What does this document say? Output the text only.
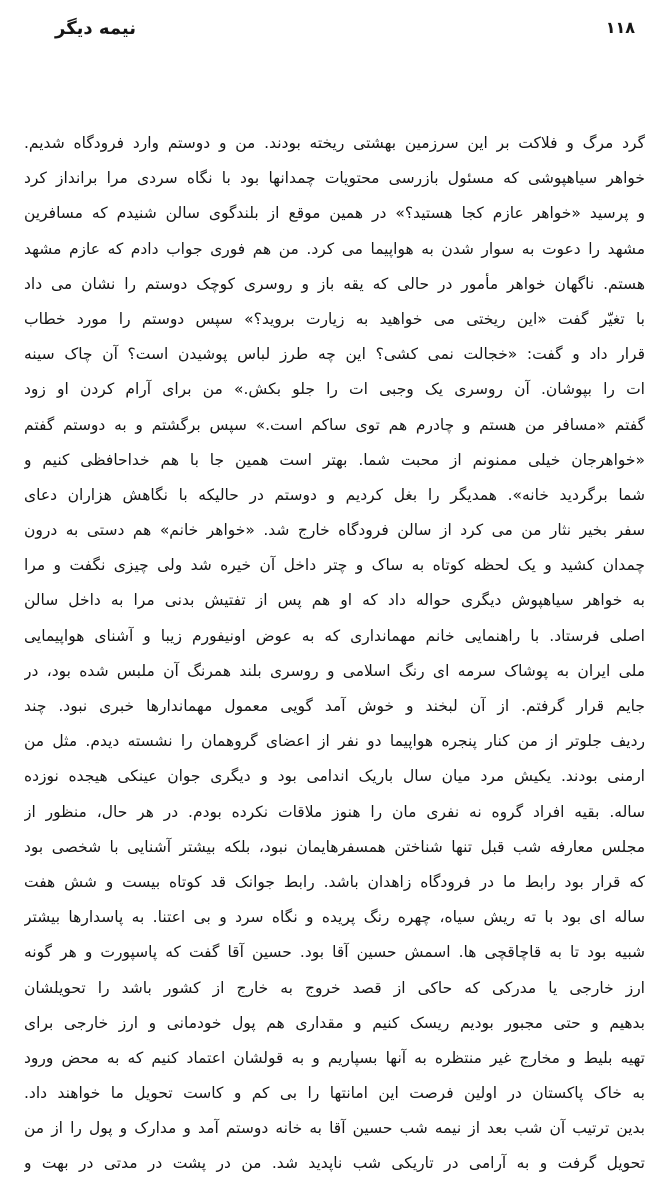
نیمه دیگر	۱۱۸
گرد مرگ و فلاکت بر این سرزمین بهشتی ریخته بودند. من و دوستم وارد فرودگاه شدیم.
خواهر سیاهپوشی که مسئول بازرسی محتویات چمدانها بود با نگاه سردی مرا برانداز کرد
و پرسید «خواهر عازم کجا هستید؟» در همین موقع از بلندگوی سالن شنیدم که مسافرین
مشهد را دعوت به سوار شدن به هواپیما می کرد. من هم فوری جواب دادم که عازم مشهد
هستم. ناگهان خواهر مأمور در حالی که یقه باز و روسری کوچک دوستم را نشان می داد
با تغیّر گفت «این ریختی می خواهید به زیارت بروید؟» سپس دوستم را مورد خطاب
قرار داد و گفت: «خجالت نمی کشی؟ این چه طرز لباس پوشیدن است؟ آن چاک سینه
ات را بپوشان. آن روسری یک وجبی ات را جلو بکش.» من برای آرام کردن او زود
گفتم «مسافر من هستم و چادرم هم توی ساکم است.» سپس برگشتم و به دوستم گفتم
«خواهرجان خیلی ممنونم از محبت شما. بهتر است همین جا با هم خداحافظی کنیم و
شما برگردید خانه». همدیگر را بغل کردیم و دوستم در حالیکه با نگاهش هزاران دعای
سفر بخیر نثار من می کرد از سالن فرودگاه خارج شد. «خواهر خانم» هم دستی به درون
چمدان کشید و یک لحظه کوتاه به ساک و چتر داخل آن خیره شد ولی چیزی نگفت و مرا
به خواهر سیاهپوش دیگری حواله داد که او هم پس از تفتیش بدنی مرا به داخل سالن
اصلی فرستاد. با راهنمایی خانم مهمانداری که به عوض اونیفورم زیبا و آشنای هواپیمایی
ملی ایران به پوشاک سرمه ای رنگ اسلامی و روسری بلند همرنگ آن ملبس شده بود، در
جایم قرار گرفتم. از آن لبخند و خوش آمد گویی معمول مهماندارها خبری نبود. چند
ردیف جلوتر از من کنار پنجره هواپیما دو نفر از اعضای گروهمان را نشسته دیدم. مثل من
ارمنی بودند. یکیش مرد میان سال باریک اندامی بود و دیگری جوان عینکی هیجده نوزده
ساله. بقیه افراد گروه نه نفری مان را هنوز ملاقات نکرده بودم. در هر حال، منظور از
مجلس معارفه شب قبل تنها شناختن همسفرهایمان نبود، بلکه بیشتر آشنایی با شخصی بود
که قرار بود رابط ما در فرودگاه زاهدان باشد. رابط جوانک قد کوتاه بیست و شش هفت
ساله ای بود با ته ریش سیاه، چهره رنگ پریده و نگاه سرد و بی اعتنا. به پاسدارها بیشتر
شبیه بود تا به قاچاقچی ها. اسمش حسین آقا بود. حسین آقا گفت که پاسپورت و هر گونه
ارز خارجی یا مدرکی که حاکی از قصد خروج به خارج از کشور باشد را تحویلشان
بدهیم و حتی مجبور بودیم ریسک کنیم و مقداری هم پول خودمانی و ارز خارجی برای
تهیه بلیط و مخارج غیر منتظره به آنها بسپاریم و به قولشان اعتماد کنیم که به محض ورود
به خاک پاکستان در اولین فرصت این امانتها را بی کم و کاست تحویل ما خواهند داد.
بدین ترتیب آن شب بعد از نیمه شب حسین آقا به خانه دوستم آمد و مدارک و پول را از من
تحویل گرفت و به آرامی در تاریکی شب ناپدید شد. من در پشت در مدتی در بهت و
